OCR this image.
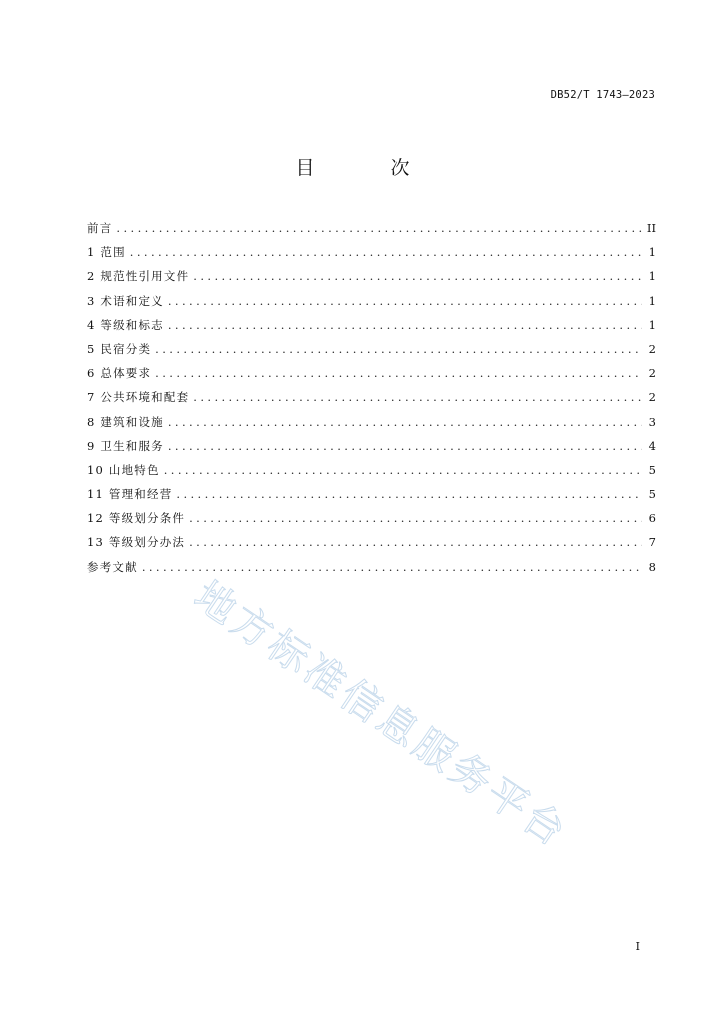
DB52/T 1743—2023
目 次
前言 .....	II
1 范围 .....	1
2 规范性引用文件 .....	1
3 术语和定义 .....	1
4 等级和标志 .....	1
5 民宿分类 .....	2
6 总体要求 .....	2
7 公共环境和配套 .....	2
8 建筑和设施 .....	3
9 卫生和服务 .....	4
10 山地特色 .....	5
11 管理和经营 .....	5
12 等级划分条件 .....	6
13 等级划分办法 .....	7
参考文献 .....	8
地方标准信息服务平台
I
